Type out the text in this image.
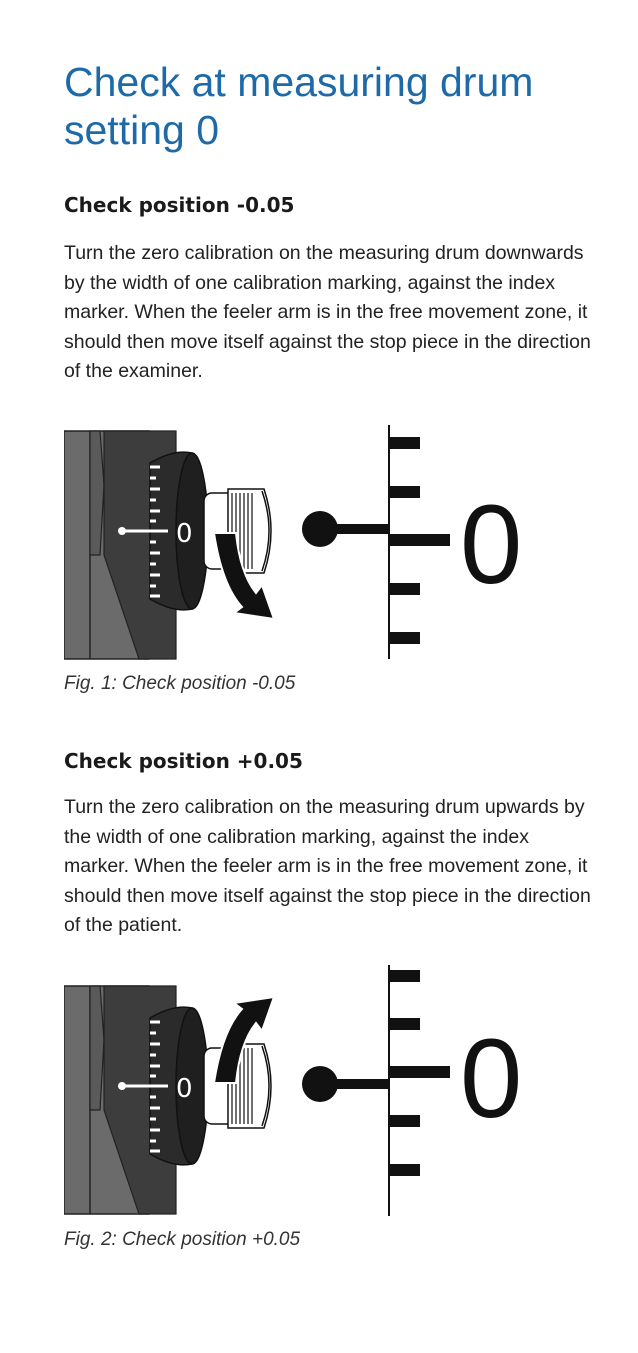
Check at measuring drum setting 0
Check position -0.05

Turn the zero calibration on the measuring drum downwards by the width of one calibration marking, against the index marker. When the feeler arm is in the free movement zone, it should then move itself against the stop piece in the direction of the examiner.

0 0

Fig. 1: Check position -0.05

Check position +0.05

Turn the zero calibration on the measuring drum upwards by the width of one calibration marking, against the index marker. When the feeler arm is in the free movement zone, it should then move itself against the stop piece in the direction of the patient.

0 0

Fig. 2: Check position +0.05
